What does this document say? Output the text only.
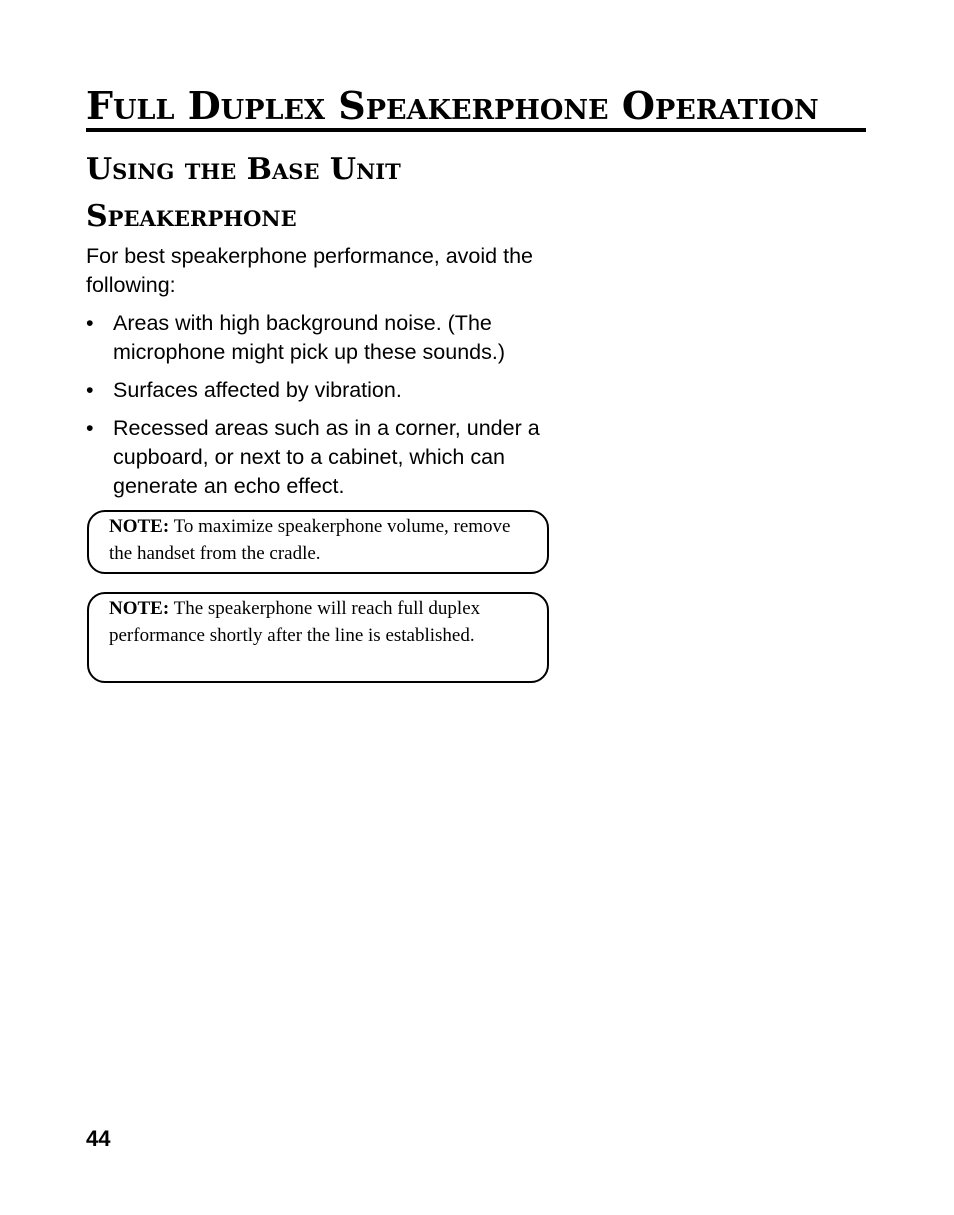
Full Duplex Speakerphone Operation
Using the Base Unit Speakerphone

For best speakerphone performance, avoid the following:

• Areas with high background noise. (The microphone might pick up these sounds.)
• Surfaces affected by vibration.
• Recessed areas such as in a corner, under a cupboard, or next to a cabinet, which can generate an echo effect.
NOTE: To maximize speakerphone volume, remove the handset from the cradle.
NOTE: The speakerphone will reach full duplex performance shortly after the line is established.
44
